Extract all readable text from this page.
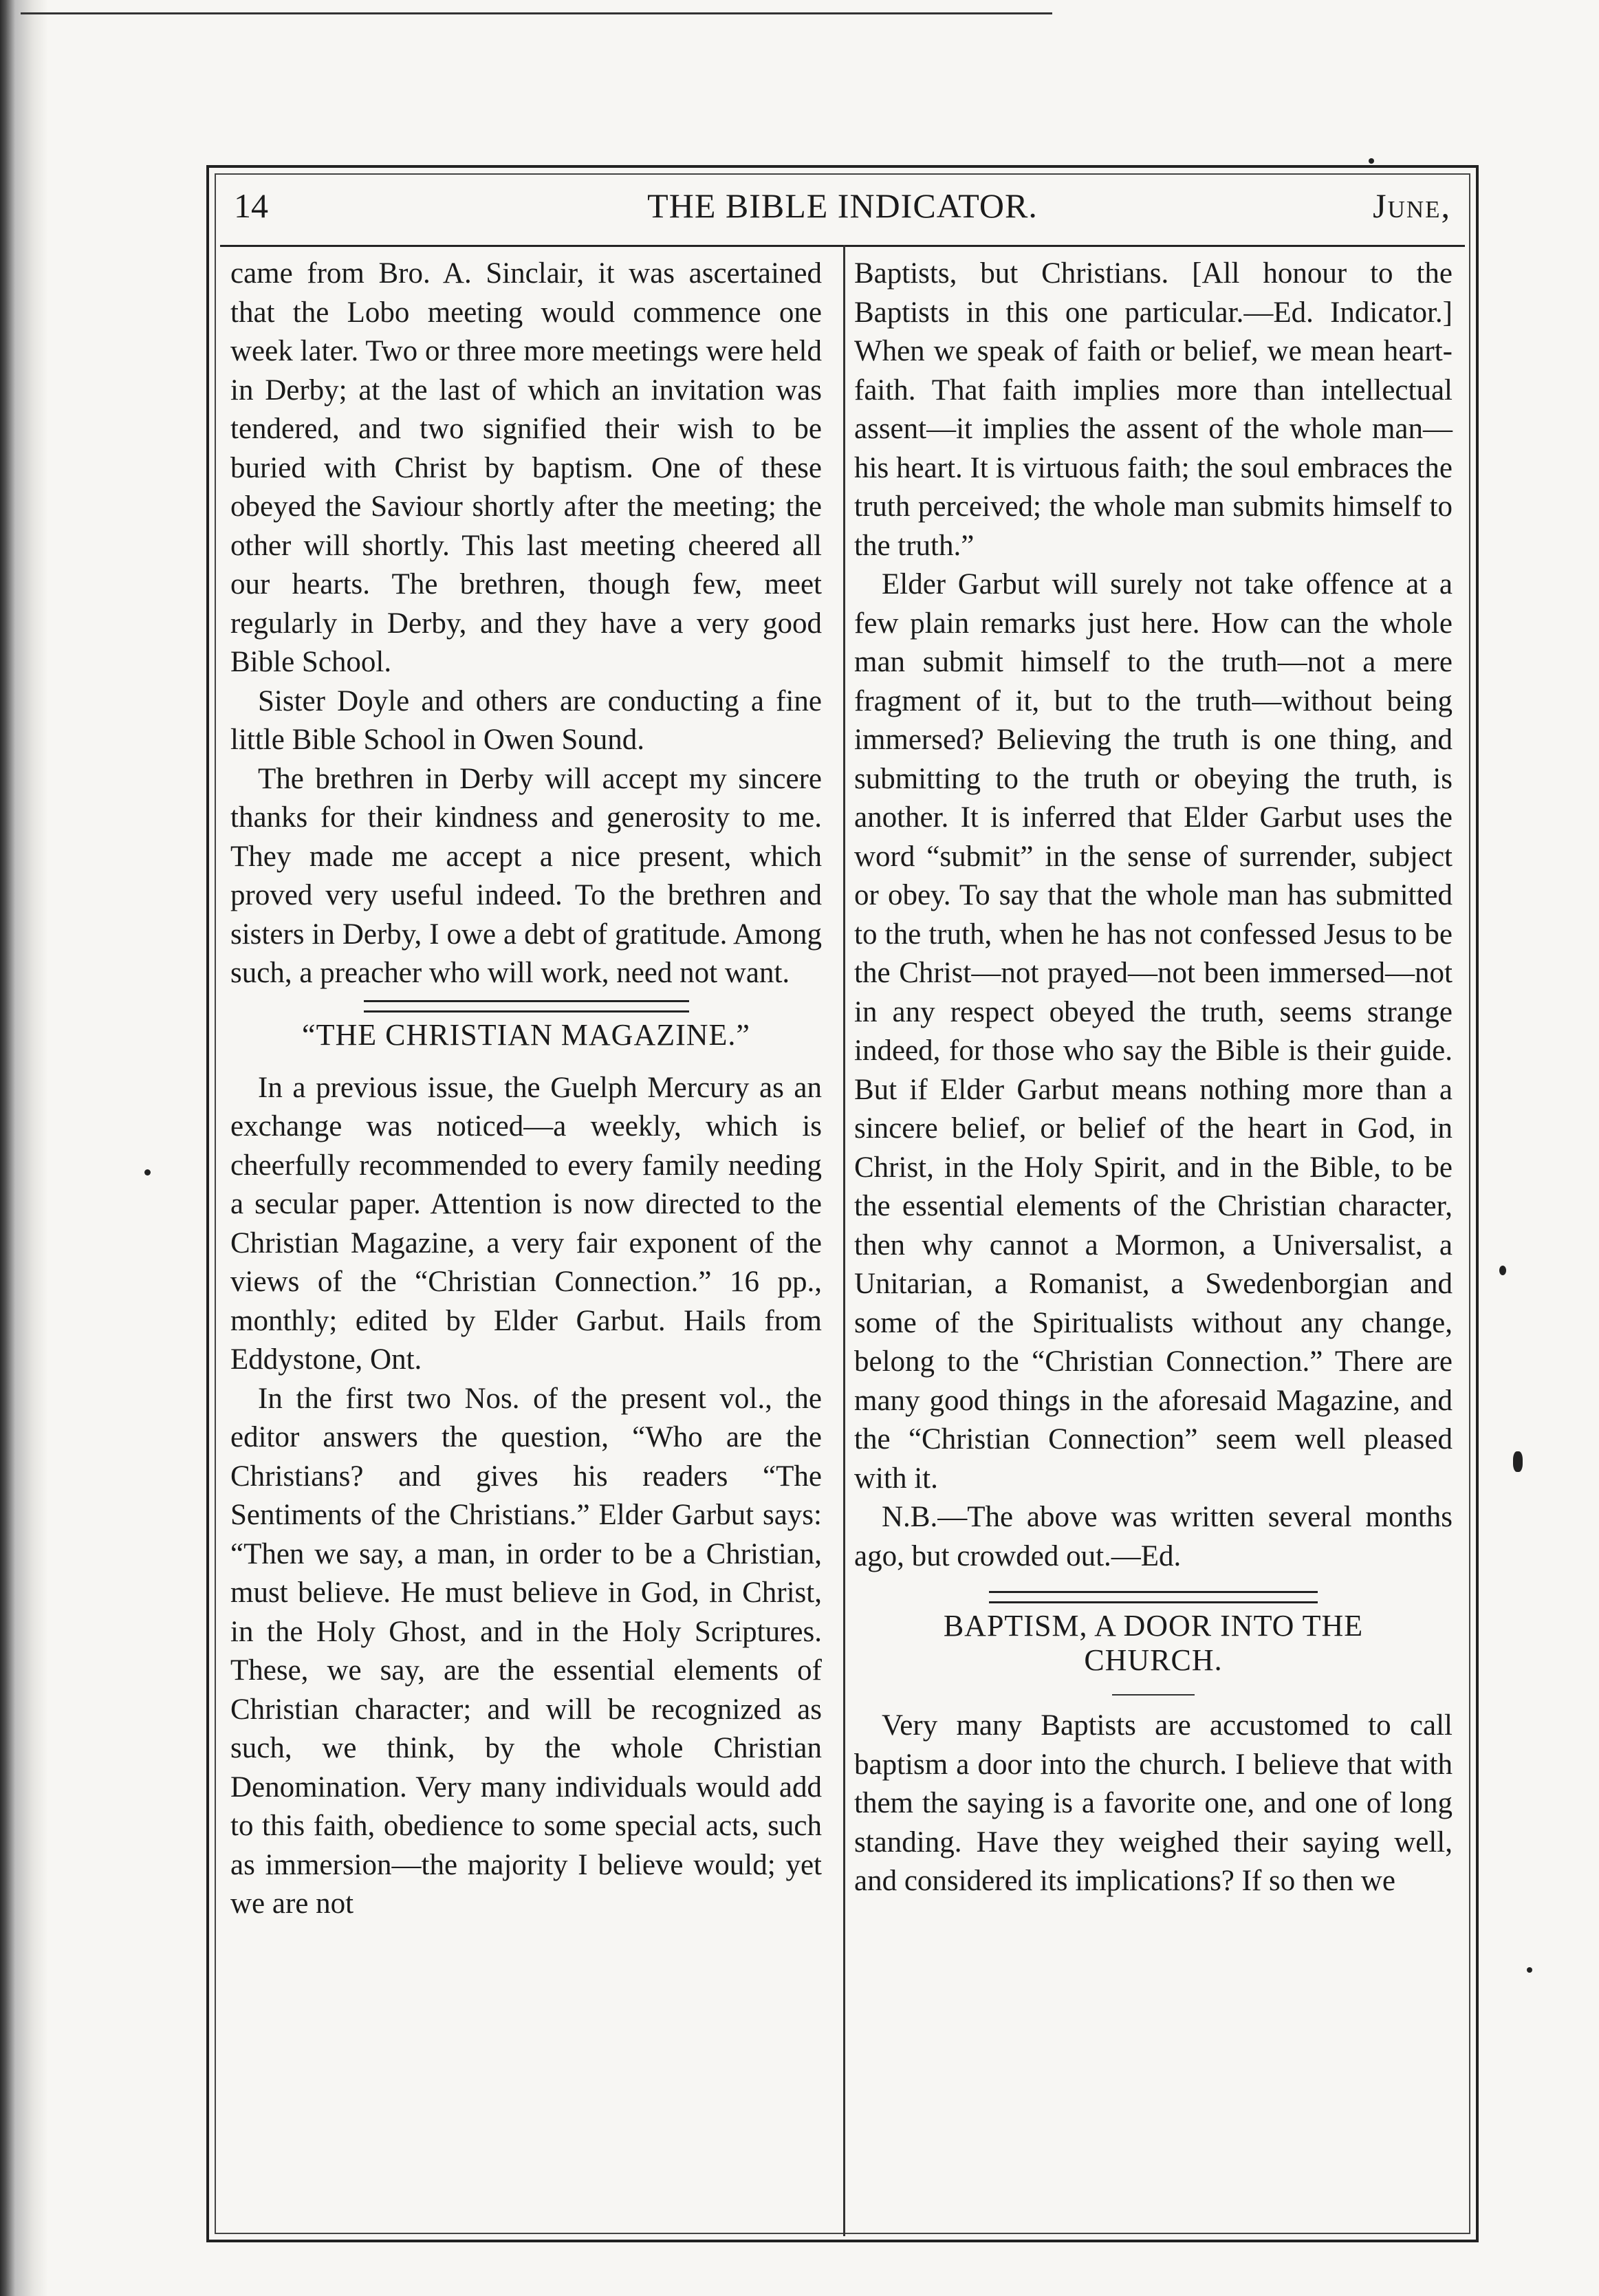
14	THE BIBLE INDICATOR.	June,

came from Bro. A. Sinclair, it was ascertained that the Lobo meeting would commence one week later. Two or three more meetings were held in Derby; at the last of which an invitation was tendered, and two signified their wish to be buried with Christ by baptism. One of these obeyed the Saviour shortly after the meeting; the other will shortly. This last meeting cheered all our hearts. The brethren, though few, meet regularly in Derby, and they have a very good Bible School.

Sister Doyle and others are conducting a fine little Bible School in Owen Sound.

The brethren in Derby will accept my sincere thanks for their kindness and generosity to me. They made me accept a nice present, which proved very useful indeed. To the brethren and sisters in Derby, I owe a debt of gratitude. Among such, a preacher who will work, need not want.

“THE CHRISTIAN MAGAZINE.”

In a previous issue, the Guelph Mercury as an exchange was noticed—a weekly, which is cheerfully recommended to every family needing a secular paper. Attention is now directed to the Christian Magazine, a very fair exponent of the views of the “Christian Connection.” 16 pp., monthly; edited by Elder Garbut. Hails from Eddystone, Ont.

In the first two Nos. of the present vol., the editor answers the question, “Who are the Christians? and gives his readers “The Sentiments of the Christians.” Elder Garbut says: “Then we say, a man, in order to be a Christian, must believe. He must believe in God, in Christ, in the Holy Ghost, and in the Holy Scriptures. These, we say, are the essential elements of Christian character; and will be recognized as such, we think, by the whole Christian Denomination. Very many individuals would add to this faith, obedience to some special acts, such as immersion—the majority I believe would; yet we are not

Baptists, but Christians. [All honour to the Baptists in this one particular.—Ed. Indicator.] When we speak of faith or belief, we mean heart-faith. That faith implies more than intellectual assent—it implies the assent of the whole man—his heart. It is virtuous faith; the soul embraces the truth perceived; the whole man submits himself to the truth.”

Elder Garbut will surely not take offence at a few plain remarks just here. How can the whole man submit himself to the truth—not a mere fragment of it, but to the truth—without being immersed? Believing the truth is one thing, and submitting to the truth or obeying the truth, is another. It is inferred that Elder Garbut uses the word “submit” in the sense of surrender, subject or obey. To say that the whole man has submitted to the truth, when he has not confessed Jesus to be the Christ—not prayed—not been immersed—not in any respect obeyed the truth, seems strange indeed, for those who say the Bible is their guide. But if Elder Garbut means nothing more than a sincere belief, or belief of the heart in God, in Christ, in the Holy Spirit, and in the Bible, to be the essential elements of the Christian character, then why cannot a Mormon, a Universalist, a Unitarian, a Romanist, a Swedenborgian and some of the Spiritualists without any change, belong to the “Christian Connection.” There are many good things in the aforesaid Magazine, and the “Christian Connection” seem well pleased with it.

N.B.—The above was written several months ago, but crowded out.—Ed.

BAPTISM, A DOOR INTO THE CHURCH.

Very many Baptists are accustomed to call baptism a door into the church. I believe that with them the saying is a favorite one, and one of long standing. Have they weighed their saying well, and considered its implications? If so then we
